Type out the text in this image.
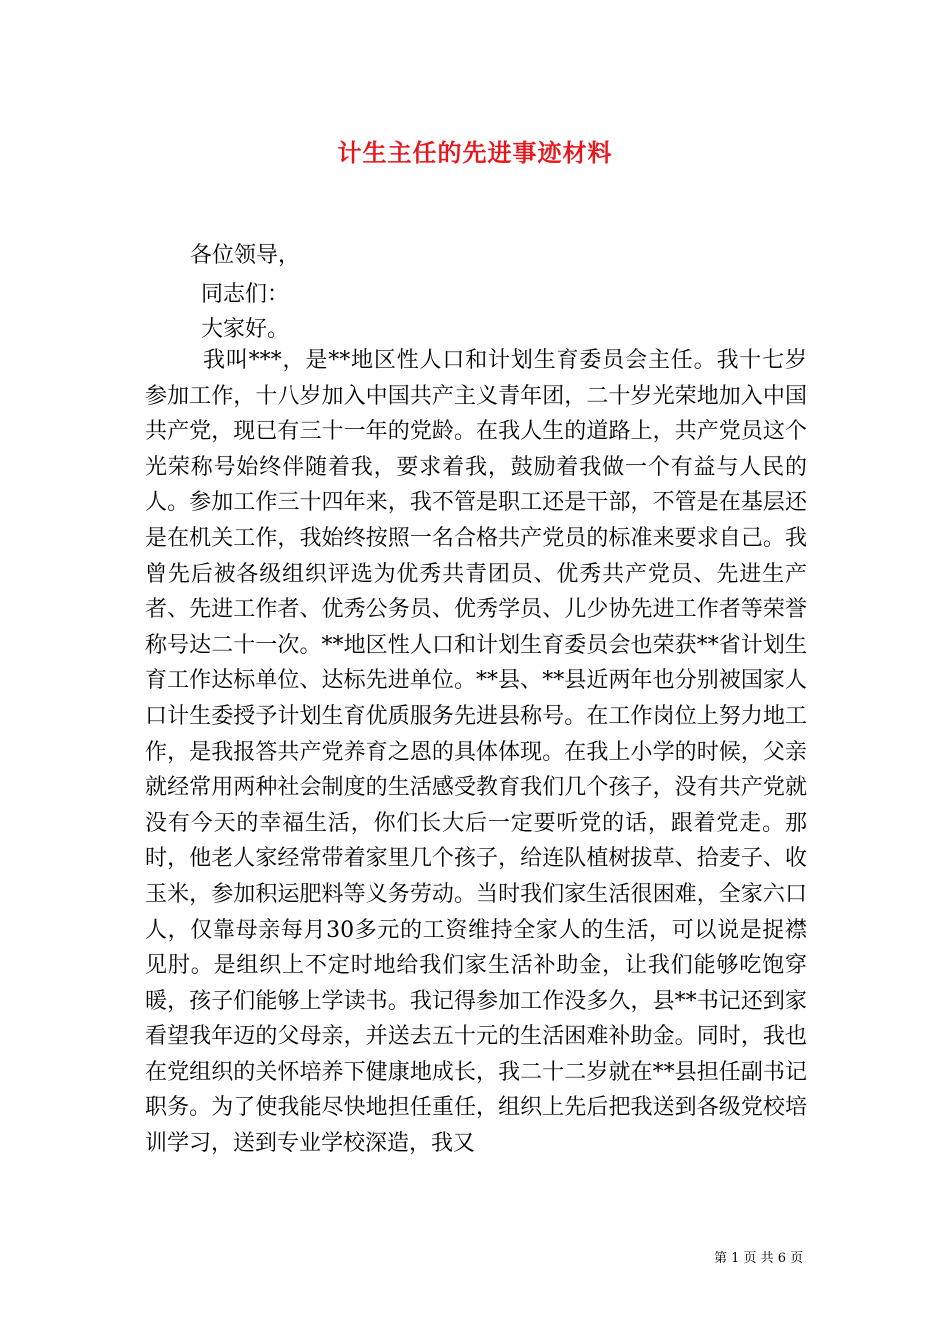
计生主任的先进事迹材料
各位领导，
同志们：
大家好。

我叫***，是**地区性人口和计划生育委员会主任。我十七岁参加工作，十八岁加入中国共产主义青年团，二十岁光荣地加入中国共产党，现已有三十一年的党龄。在我人生的道路上，共产党员这个光荣称号始终伴随着我，要求着我，鼓励着我做一个有益与人民的人。参加工作三十四年来，我不管是职工还是干部，不管是在基层还是在机关工作，我始终按照一名合格共产党员的标准来要求自己。我曾先后被各级组织评选为优秀共青团员、优秀共产党员、先进生产者、先进工作者、优秀公务员、优秀学员、儿少协先进工作者等荣誉称号达二十一次。**地区性人口和计划生育委员会也荣获**省计划生育工作达标单位、达标先进单位。**县、**县近两年也分别被国家人口计生委授予计划生育优质服务先进县称号。在工作岗位上努力地工作，是我报答共产党养育之恩的具体体现。在我上小学的时候，父亲就经常用两种社会制度的生活感受教育我们几个孩子，没有共产党就没有今天的幸福生活，你们长大后一定要听党的话，跟着党走。那时，他老人家经常带着家里几个孩子，给连队植树拔草、拾麦子、收玉米，参加积运肥料等义务劳动。当时我们家生活很困难，全家六口人，仅靠母亲每月30多元的工资维持全家人的生活，可以说是捉襟见肘。是组织上不定时地给我们家生活补助金，让我们能够吃饱穿暖，孩子们能够上学读书。我记得参加工作没多久，县**书记还到家看望我年迈的父母亲，并送去五十元的生活困难补助金。同时，我也在党组织的关怀培养下健康地成长，我二十二岁就在**县担任副书记职务。为了使我能尽快地担任重任，组织上先后把我送到各级党校培训学习，送到专业学校深造，我又

第 1 页 共 6 页
